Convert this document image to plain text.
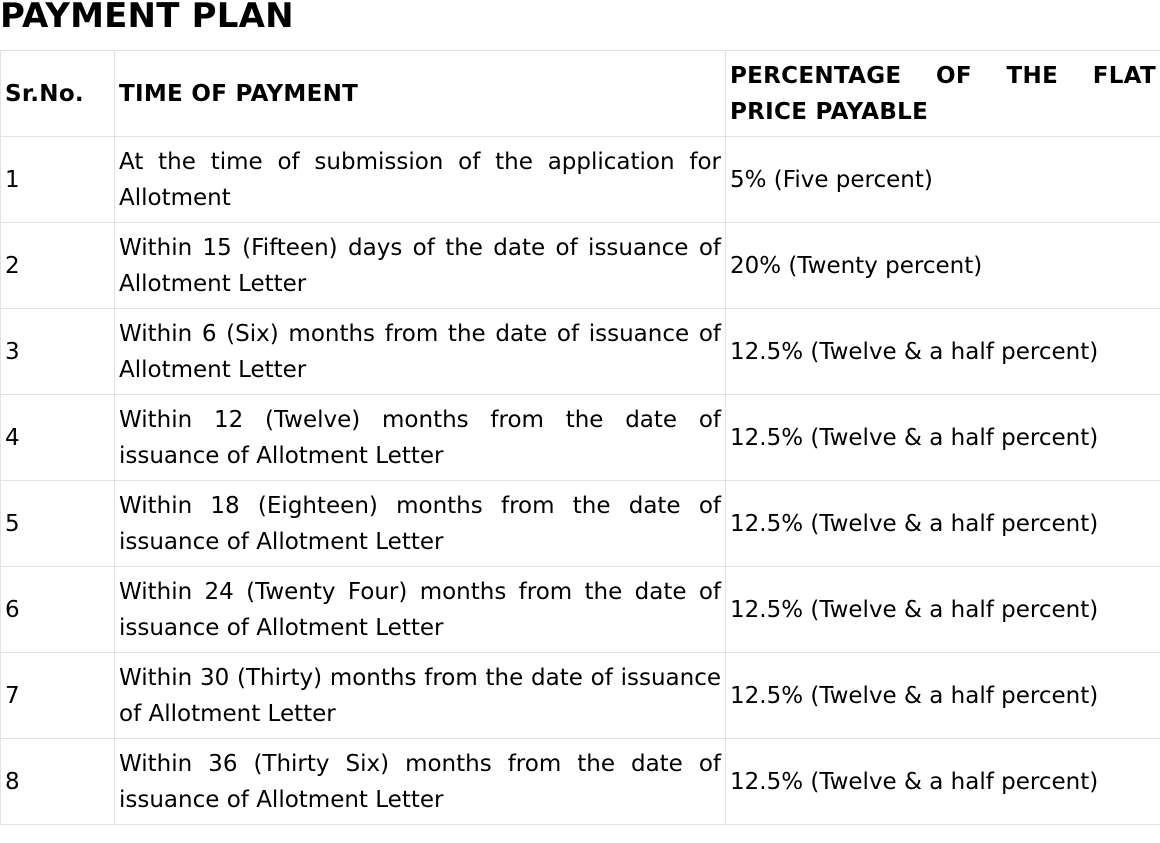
PAYMENT PLAN
Sr.No.	TIME OF PAYMENT	PERCENTAGE OF THE FLAT PRICE PAYABLE
1	At the time of submission of the application for Allotment	5% (Five percent)
2	Within 15 (Fifteen) days of the date of issuance of Allotment Letter	20% (Twenty percent)
3	Within 6 (Six) months from the date of issuance of Allotment Letter	12.5% (Twelve & a half percent)
4	Within 12 (Twelve) months from the date of issuance of Allotment Letter	12.5% (Twelve & a half percent)
5	Within 18 (Eighteen) months from the date of issuance of Allotment Letter	12.5% (Twelve & a half percent)
6	Within 24 (Twenty Four) months from the date of issuance of Allotment Letter	12.5% (Twelve & a half percent)
7	Within 30 (Thirty) months from the date of issuance of Allotment Letter	12.5% (Twelve & a half percent)
8	Within 36 (Thirty Six) months from the date of issuance of Allotment Letter	12.5% (Twelve & a half percent)
